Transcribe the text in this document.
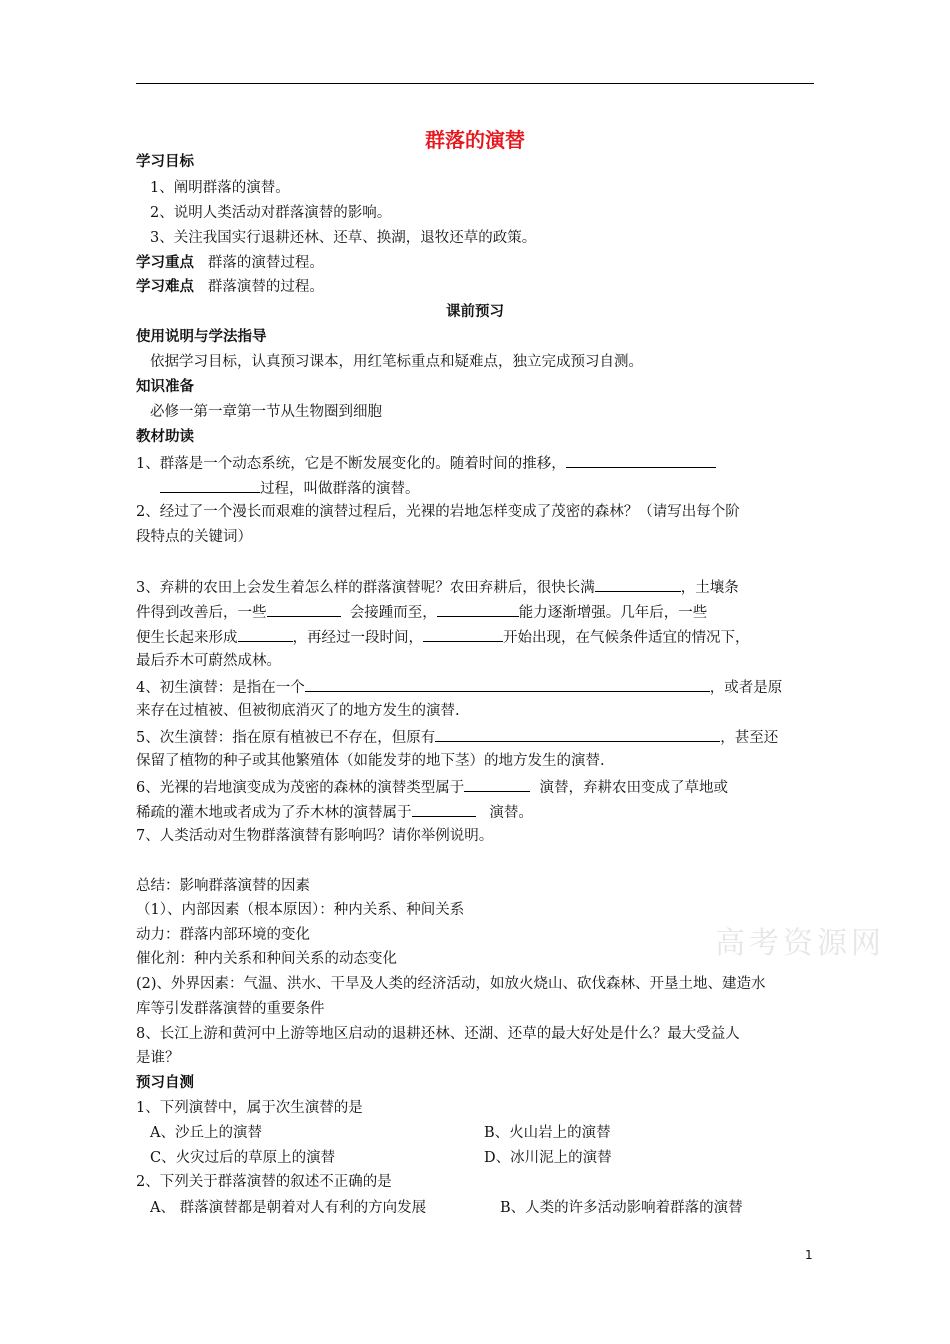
群落的演替
高考资源网
学习目标
1、阐明群落的演替。
2、说明人类活动对群落演替的影响。
3、关注我国实行退耕还林、还草、换湖，退牧还草的政策。
学习重点 群落的演替过程。
学习难点 群落演替的过程。
课前预习
使用说明与学法指导
依据学习目标，认真预习课本，用红笔标重点和疑难点，独立完成预习自测。
知识准备
必修一第一章第一节从生物圈到细胞
教材助读
1、群落是一个动态系统，它是不断发展变化的。随着时间的推移，
过程，叫做群落的演替。
2、经过了一个漫长而艰难的演替过程后，光裸的岩地怎样变成了茂密的森林？（请写出每个阶
段特点的关键词）
3、弃耕的农田上会发生着怎么样的群落演替呢？农田弃耕后，很快长满	，土壤条
件得到改善后，一些	会接踵而至，	能力逐渐增强。几年后，一些
便生长起来形成	，再经过一段时间，	开始出现，在气候条件适宜的情况下，
最后乔木可蔚然成林。
4、初生演替：是指在一个	，或者是原
来存在过植被、但被彻底消灭了的地方发生的演替.
5、次生演替：指在原有植被已不存在，但原有	，甚至还
保留了植物的种子或其他繁殖体（如能发芽的地下茎）的地方发生的演替.
6、光裸的岩地演变成为茂密的森林的演替类型属于	演替，弃耕农田变成了草地或
稀疏的灌木地或者成为了乔木林的演替属于	演替。
7、人类活动对生物群落演替有影响吗？请你举例说明。
总结：影响群落演替的因素
（1）、内部因素（根本原因）：种内关系、种间关系
动力：群落内部环境的变化
催化剂：种内关系和种间关系的动态变化
(2)、外界因素：气温、洪水、干旱及人类的经济活动，如放火烧山、砍伐森林、开垦土地、建造水
库等引发群落演替的重要条件
8、长江上游和黄河中上游等地区启动的退耕还林、还湖、还草的最大好处是什么？最大受益人
是谁？
预习自测
1、下列演替中，属于次生演替的是
A、沙丘上的演替	B、火山岩上的演替
C、火灾过后的草原上的演替	D、冰川泥上的演替
2、下列关于群落演替的叙述不正确的是
A、 群落演替都是朝着对人有利的方向发展	B、人类的许多活动影响着群落的演替
1
